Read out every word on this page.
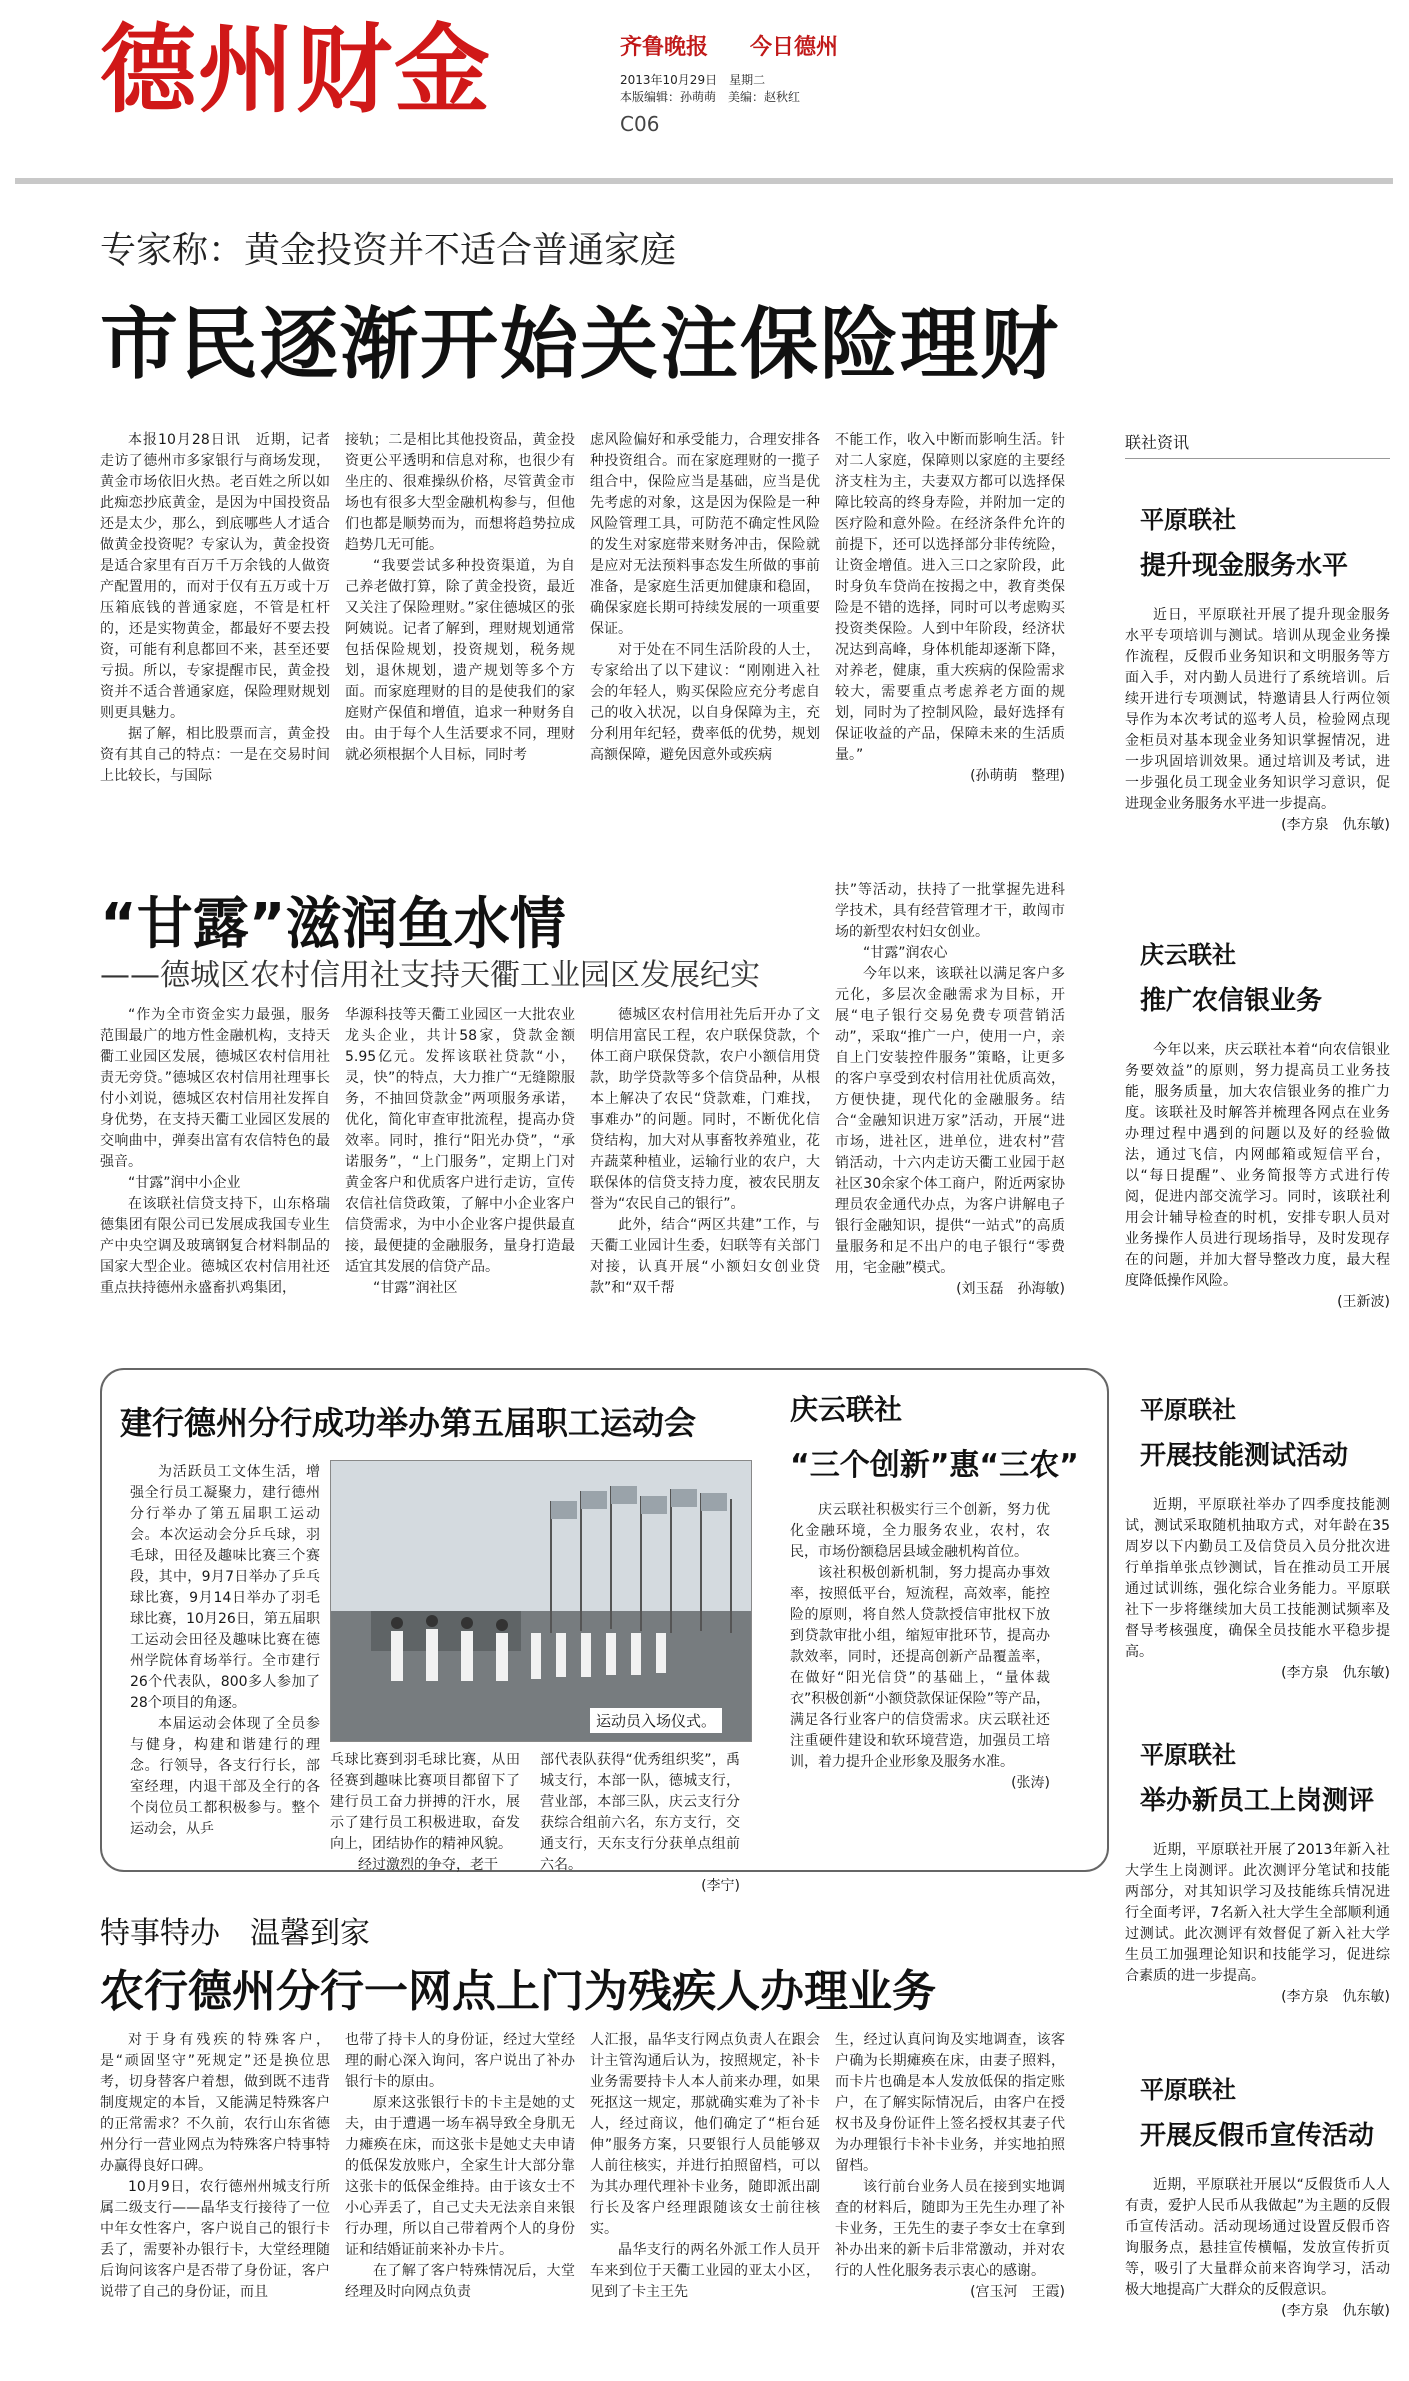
德州财金	齐鲁晚报 今日德州
2013年10月29日　星期二
本版编辑：孙萌萌　美编：赵秋红
C06
专家称：黄金投资并不适合普通家庭
市民逐渐开始关注保险理财

本报10月28日讯　近期，记者走访了德州市多家银行与商场发现，黄金市场依旧火热。老百姓之所以如此痴恋抄底黄金，是因为中国投资品还是太少，那么，到底哪些人才适合做黄金投资呢？专家认为，黄金投资是适合家里有百万千万余钱的人做资产配置用的，而对于仅有五万或十万压箱底钱的普通家庭，不管是杠杆的，还是实物黄金，都最好不要去投资，可能有利息都回不来，甚至还要亏损。所以，专家提醒市民，黄金投资并不适合普通家庭，保险理财规划则更具魅力。

据了解，相比股票而言，黄金投资有其自己的特点：一是在交易时间上比较长，与国际

接轨；二是相比其他投资品，黄金投资更公平透明和信息对称，也很少有坐庄的、很难操纵价格，尽管黄金市场也有很多大型金融机构参与，但他们也都是顺势而为，而想将趋势拉成趋势几无可能。

“我要尝试多种投资渠道，为自己养老做打算，除了黄金投资，最近又关注了保险理财。”家住德城区的张阿姨说。记者了解到，理财规划通常包括保险规划，投资规划，税务规划，退休规划，遗产规划等多个方面。而家庭理财的目的是使我们的家庭财产保值和增值，追求一种财务自由。由于每个人生活要求不同，理财就必须根据个人目标，同时考

虑风险偏好和承受能力，合理安排各种投资组合。而在家庭理财的一揽子组合中，保险应当是基础，应当是优先考虑的对象，这是因为保险是一种风险管理工具，可防范不确定性风险的发生对家庭带来财务冲击，保险就是应对无法预料事态发生所做的事前准备，是家庭生活更加健康和稳固，确保家庭长期可持续发展的一项重要保证。

对于处在不同生活阶段的人士，专家给出了以下建议：“刚刚进入社会的年轻人，购买保险应充分考虑自己的收入状况，以自身保障为主，充分利用年纪轻，费率低的优势，规划高额保障，避免因意外或疾病

不能工作，收入中断而影响生活。针对二人家庭，保障则以家庭的主要经济支柱为主，夫妻双方都可以选择保障比较高的终身寿险，并附加一定的医疗险和意外险。在经济条件允许的前提下，还可以选择部分非传统险，让资金增值。进入三口之家阶段，此时身负车贷尚在按揭之中，教育类保险是不错的选择，同时可以考虑购买投资类保险。人到中年阶段，经济状况达到高峰，身体机能却逐渐下降，对养老，健康，重大疾病的保险需求较大，需要重点考虑养老方面的规划，同时为了控制风险，最好选择有保证收益的产品，保障未来的生活质量。”

(孙萌萌　整理)
联社资讯
平原联社
提升现金服务水平

近日，平原联社开展了提升现金服务水平专项培训与测试。培训从现金业务操作流程，反假币业务知识和文明服务等方面入手，对内勤人员进行了系统培训。后续开进行专项测试，特邀请县人行两位领导作为本次考试的巡考人员，检验网点现金柜员对基本现金业务知识掌握情况，进一步巩固培训效果。通过培训及考试，进一步强化员工现金业务知识学习意识，促进现金业务服务水平进一步提高。

(李方泉　仇东敏)
庆云联社
推广农信银业务

今年以来，庆云联社本着“向农信银业务要效益”的原则，努力提高员工业务技能，服务质量，加大农信银业务的推广力度。该联社及时解答并梳理各网点在业务办理过程中遇到的问题以及好的经验做法，通过飞信，内网邮箱或短信平台，以“每日提醒”、业务简报等方式进行传阅，促进内部交流学习。同时，该联社利用会计辅导检查的时机，安排专职人员对业务操作人员进行现场指导，及时发现存在的问题，并加大督导整改力度，最大程度降低操作风险。

(王新波)
平原联社
开展技能测试活动

近期，平原联社举办了四季度技能测试，测试采取随机抽取方式，对年龄在35周岁以下内勤员工及信贷员入员分批次进行单指单张点钞测试，旨在推动员工开展通过试训练，强化综合业务能力。平原联社下一步将继续加大员工技能测试频率及督导考核强度，确保全员技能水平稳步提高。

(李方泉　仇东敏)
平原联社
举办新员工上岗测评

近期，平原联社开展了2013年新入社大学生上岗测评。此次测评分笔试和技能两部分，对其知识学习及技能练兵情况进行全面考评，7名新入社大学生全部顺利通过测试。此次测评有效督促了新入社大学生员工加强理论知识和技能学习，促进综合素质的进一步提高。

(李方泉　仇东敏)
平原联社
开展反假币宣传活动

近期，平原联社开展以“反假货币人人有责，爱护人民币从我做起”为主题的反假币宣传活动。活动现场通过设置反假币咨询服务点，悬挂宣传横幅，发放宣传折页等，吸引了大量群众前来咨询学习，活动极大地提高广大群众的反假意识。

(李方泉　仇东敏)
“甘露”滋润鱼水情
——德城区农村信用社支持天衢工业园区发展纪实

“作为全市资金实力最强，服务范围最广的地方性金融机构，支持天衢工业园区发展，德城区农村信用社责无旁贷。”德城区农村信用社理事长付小刘说，德城区农村信用社发挥自身优势，在支持天衢工业园区发展的交响曲中，弹奏出富有农信特色的最强音。

“甘露”润中小企业

在该联社信贷支持下，山东格瑞德集团有限公司已发展成我国专业生产中央空调及玻璃钢复合材料制品的国家大型企业。德城区农村信用社还重点扶持德州永盛畜扒鸡集团，

华源科技等天衢工业园区一大批农业龙头企业，共计58家，贷款金额5.95亿元。发挥该联社贷款“小，灵，快”的特点，大力推广“无缝隙服务，不抽回贷款金”两项服务承诺，优化，简化审查审批流程，提高办贷效率。同时，推行“阳光办贷”，“承诺服务”，“上门服务”，定期上门对黄金客户和优质客户进行走访，宣传农信社信贷政策，了解中小企业客户信贷需求，为中小企业客户提供最直接，最便捷的金融服务，量身打造最适宜其发展的信贷产品。

“甘露”润社区

德城区农村信用社先后开办了文明信用富民工程，农户联保贷款，个体工商户联保贷款，农户小额信用贷款，助学贷款等多个信贷品种，从根本上解决了农民“贷款难，门难找，事难办”的问题。同时，不断优化信贷结构，加大对从事畜牧养殖业，花卉蔬菜种植业，运输行业的农户，大联保体的信贷支持力度，被农民朋友誉为“农民自己的银行”。

此外，结合“两区共建”工作，与天衢工业园计生委，妇联等有关部门对接，认真开展“小额妇女创业贷款”和“双千帮

扶”等活动，扶持了一批掌握先进科学技术，具有经营管理才干，敢闯市场的新型农村妇女创业。

“甘露”润农心

今年以来，该联社以满足客户多元化，多层次金融需求为目标，开展“电子银行交易免费专项营销活动”，采取“推广一户，使用一户，亲自上门安装控件服务”策略，让更多的客户享受到农村信用社优质高效，方便快捷，现代化的金融服务。结合“金融知识进万家”活动，开展“进市场，进社区，进单位，进农村”营销活动，十六内走访天衢工业园于赵社区30余家个体工商户，附近两家协理员农金通代办点，为客户讲解电子银行金融知识，提供“一站式”的高质量服务和足不出户的电子银行“零费用，宅金融”模式。

(刘玉磊　孙海敏)
建行德州分行成功举办第五届职工运动会

为活跃员工文体生活，增强全行员工凝聚力，建行德州分行举办了第五届职工运动会。本次运动会分乒乓球，羽毛球，田径及趣味比赛三个赛段，其中，9月7日举办了乒乓球比赛，9月14日举办了羽毛球比赛，10月26日，第五届职工运动会田径及趣味比赛在德州学院体育场举行。全市建行26个代表队，800多人参加了28个项目的角逐。

本届运动会体现了全员参与健身，构建和谐建行的理念。行领导，各支行行长，部室经理，内退干部及全行的各个岗位员工都积极参与。整个运动会，从乒

运动员入场仪式。

乓球比赛到羽毛球比赛，从田径赛到趣味比赛项目都留下了建行员工奋力拼搏的汗水，展示了建行员工积极进取，奋发向上，团结协作的精神风貌。

经过激烈的争夺，老干

部代表队获得“优秀组织奖”，禹城支行，本部一队，德城支行，营业部，本部三队，庆云支行分获综合组前六名，东方支行，交通支行，天东支行分获单点组前六名。

(李宁)
庆云联社
“三个创新”惠“三农”

庆云联社积极实行三个创新，努力优化金融环境，全力服务农业，农村，农民，市场份额稳居县域金融机构首位。

该社积极创新机制，努力提高办事效率，按照低平台，短流程，高效率，能控险的原则，将自然人贷款授信审批权下放到贷款审批小组，缩短审批环节，提高办款效率，同时，还提高创新产品覆盖率，在做好“阳光信贷”的基础上，“量体裁衣”积极创新“小额贷款保证保险”等产品，满足各行业客户的信贷需求。庆云联社还注重硬件建设和软环境营造，加强员工培训，着力提升企业形象及服务水准。

(张涛)
特事特办　温馨到家
农行德州分行一网点上门为残疾人办理业务

对于身有残疾的特殊客户，是“顽固坚守”死规定”还是换位思考，切身替客户着想，做到既不违背制度规定的本旨，又能满足特殊客户的正常需求？不久前，农行山东省德州分行一营业网点为特殊客户特事特办赢得良好口碑。

10月9日，农行德州州城支行所属二级支行——晶华支行接待了一位中年女性客户，客户说自己的银行卡丢了，需要补办银行卡，大堂经理随后询问该客户是否带了身份证，客户说带了自己的身份证，而且

也带了持卡人的身份证，经过大堂经理的耐心深入询问，客户说出了补办银行卡的原由。

原来这张银行卡的卡主是她的丈夫，由于遭遇一场车祸导致全身肌无力瘫痪在床，而这张卡是她丈夫申请的低保发放账户，全家生计大部分靠这张卡的低保金维持。由于该女士不小心弄丢了，自己丈夫无法亲自来银行办理，所以自己带着两个人的身份证和结婚证前来补办卡片。

在了解了客户特殊情况后，大堂经理及时向网点负责

人汇报，晶华支行网点负责人在跟会计主管沟通后认为，按照规定，补卡业务需要持卡人本人前来办理，如果死抠这一规定，那就确实难为了补卡人，经过商议，他们确定了“柜台延伸”服务方案，只要银行人员能够双人前往核实，并进行拍照留档，可以为其办理代理补卡业务，随即派出副行长及客户经理跟随该女士前往核实。

晶华支行的两名外派工作人员开车来到位于天衢工业园的亚太小区，见到了卡主王先

生，经过认真问询及实地调查，该客户确为长期瘫痪在床，由妻子照料，而卡片也确是本人发放低保的指定账户，在了解实际情况后，由客户在授权书及身份证件上签名授权其妻子代为办理银行卡补卡业务，并实地拍照留档。

该行前台业务人员在接到实地调查的材料后，随即为王先生办理了补卡业务，王先生的妻子李女士在拿到补办出来的新卡后非常激动，并对农行的人性化服务表示衷心的感谢。

(宫玉河　王霞)
